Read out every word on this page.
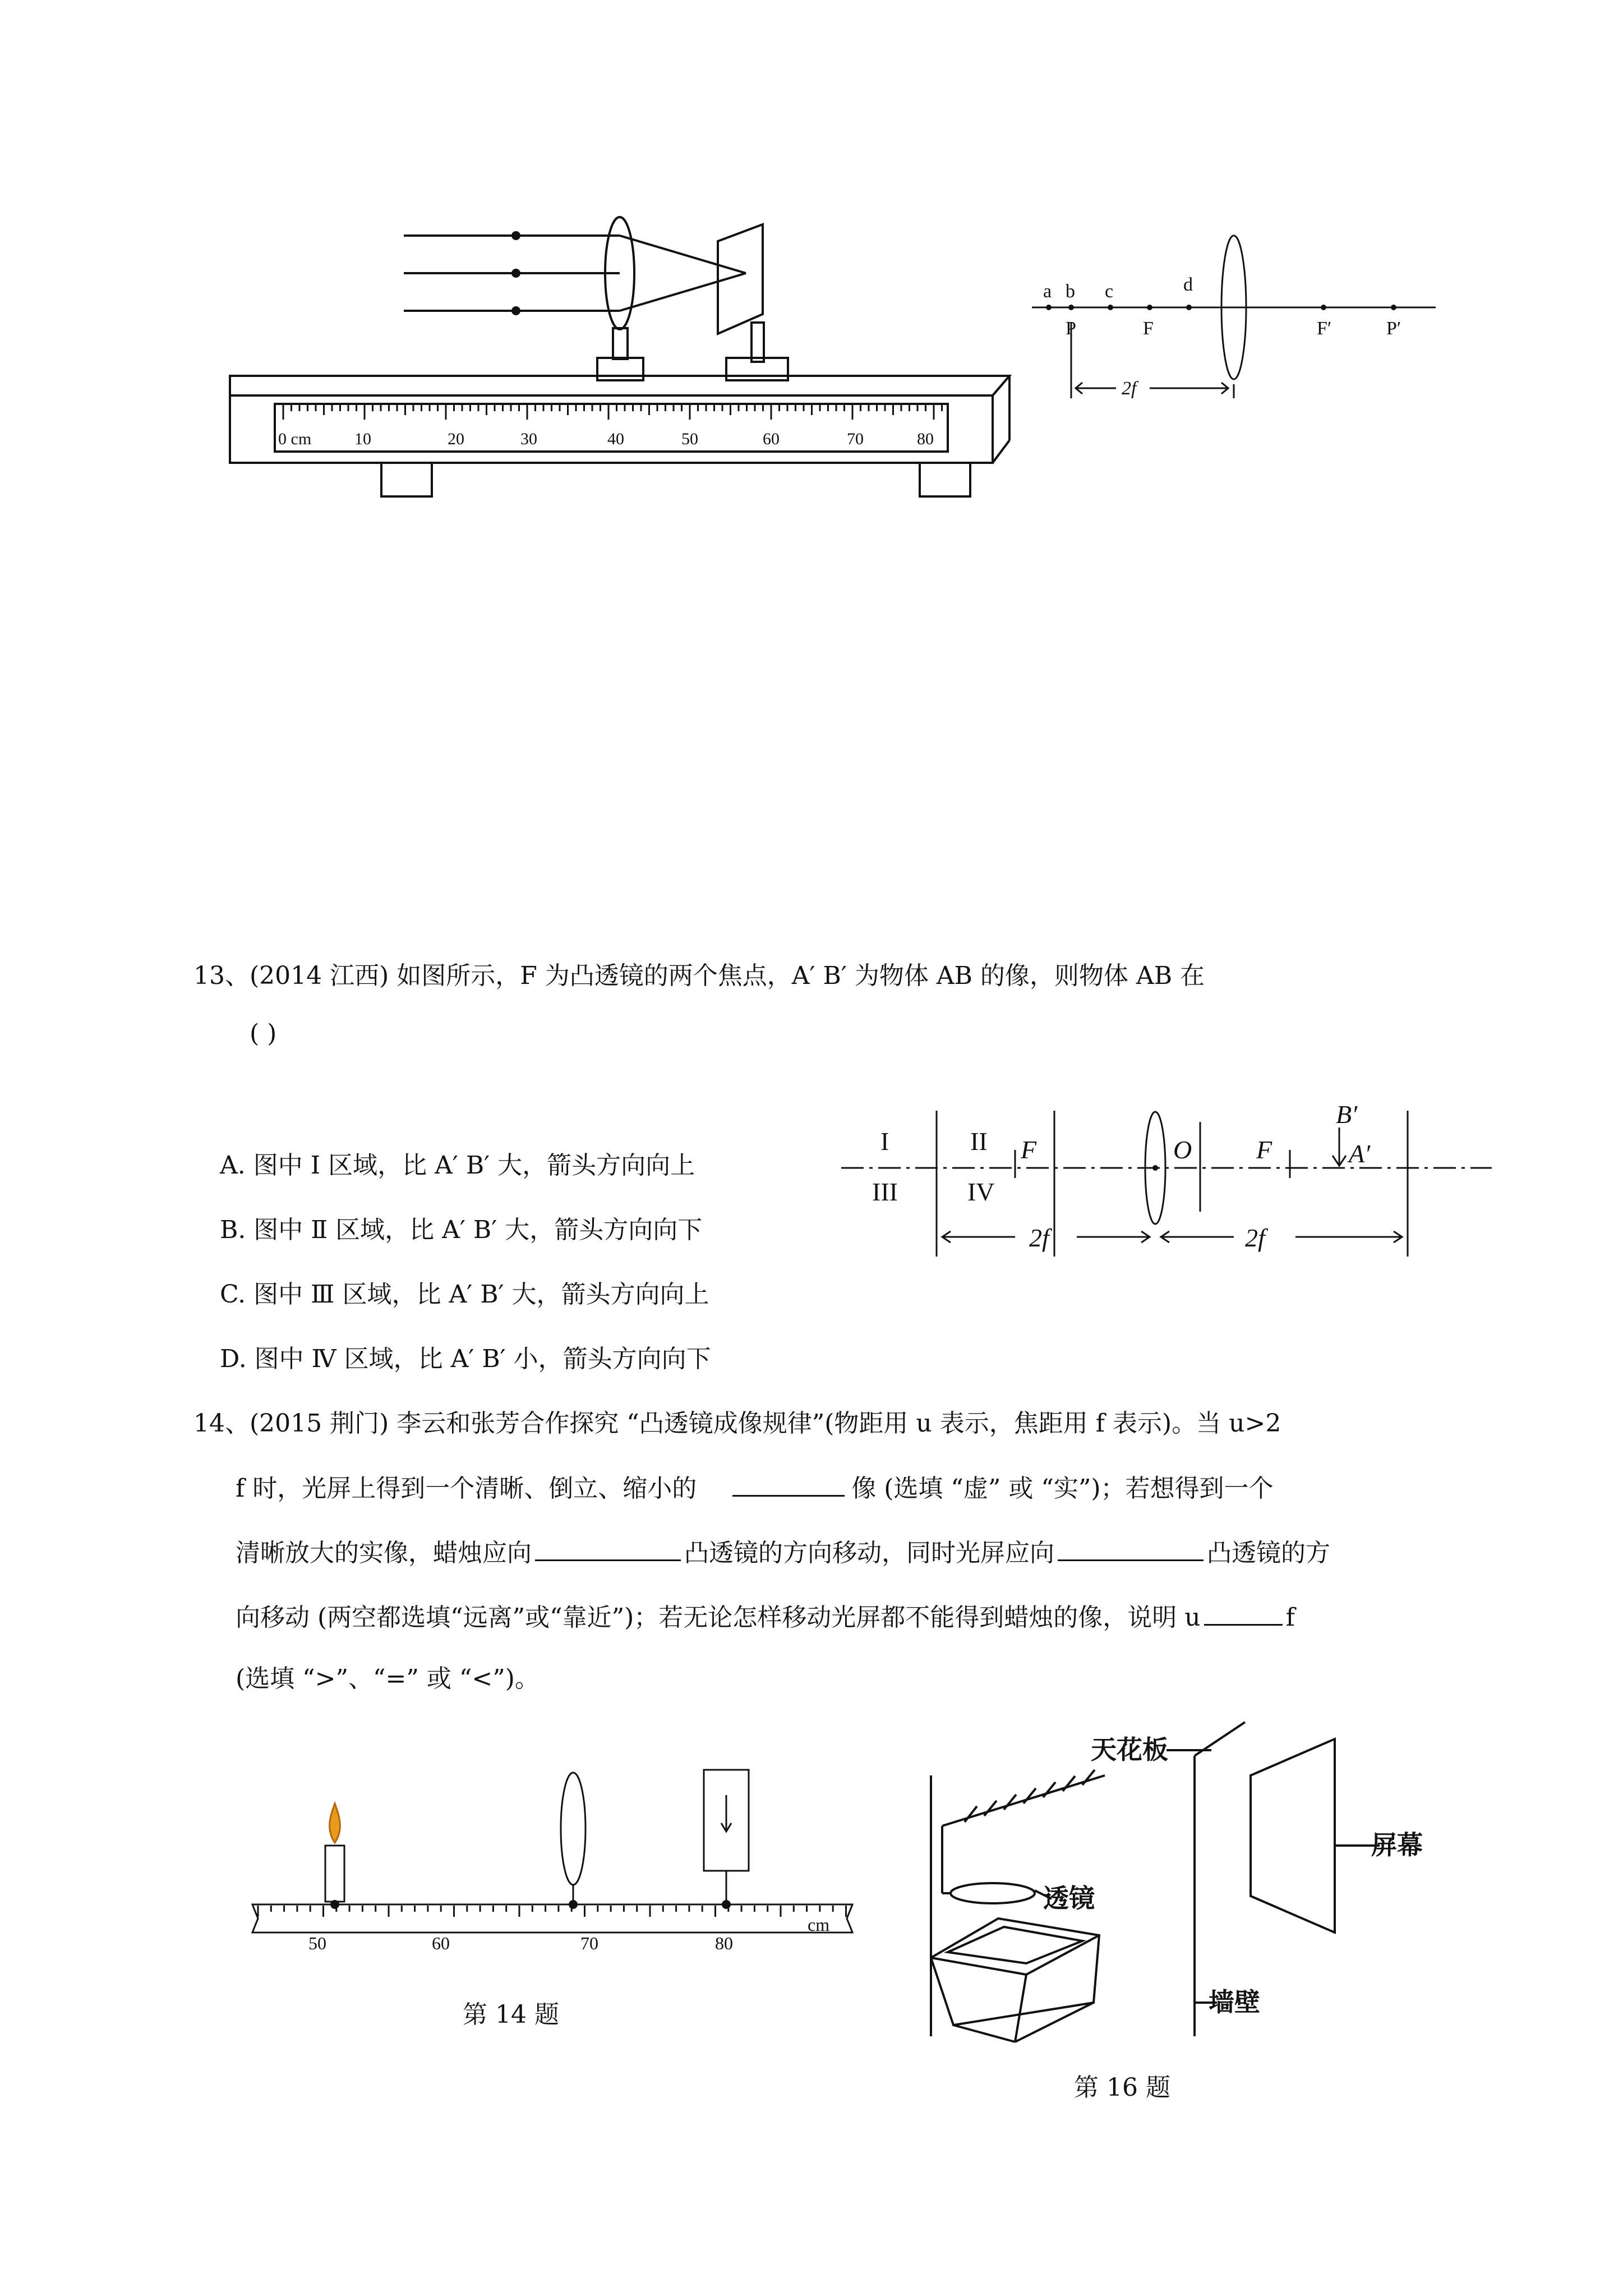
0 cm	10	20	30	40	50	60	70	80
a b c	d
P	F	F′	P′
2f
13、(2014 江西) 如图所示，F 为凸透镜的两个焦点，A′ B′ 为物体 AB 的像，则物体 AB 在
( )
A. 图中 Ⅰ 区域，比 A′ B′ 大，箭头方向向上
B. 图中 Ⅱ 区域，比 A′ B′ 大，箭头方向向下
C. 图中 Ⅲ 区域，比 A′ B′ 大，箭头方向向上
D. 图中 Ⅳ 区域，比 A′ B′ 小，箭头方向向下
I	II
III	IV
F	O F
B′
A′
2f	2f
14、(2015 荆门) 李云和张芳合作探究 “凸透镜成像规律”(物距用 u 表示，焦距用 f 表示)。当 u>2
f 时，光屏上得到一个清晰、倒立、缩小的	像 (选填 “虚” 或 “实”)；若想得到一个
清晰放大的实像，蜡烛应向	凸透镜的方向移动，同时光屏应向	凸透镜的方
向移动 (两空都选填“远离”或“靠近”)；若无论怎样移动光屏都不能得到蜡烛的像，说明 u	f
(选填 “>”、“=” 或 “<”)。
50	60	70	80
cm
第 14 题
天花板
屏幕
透镜
墙壁
第 16 题
